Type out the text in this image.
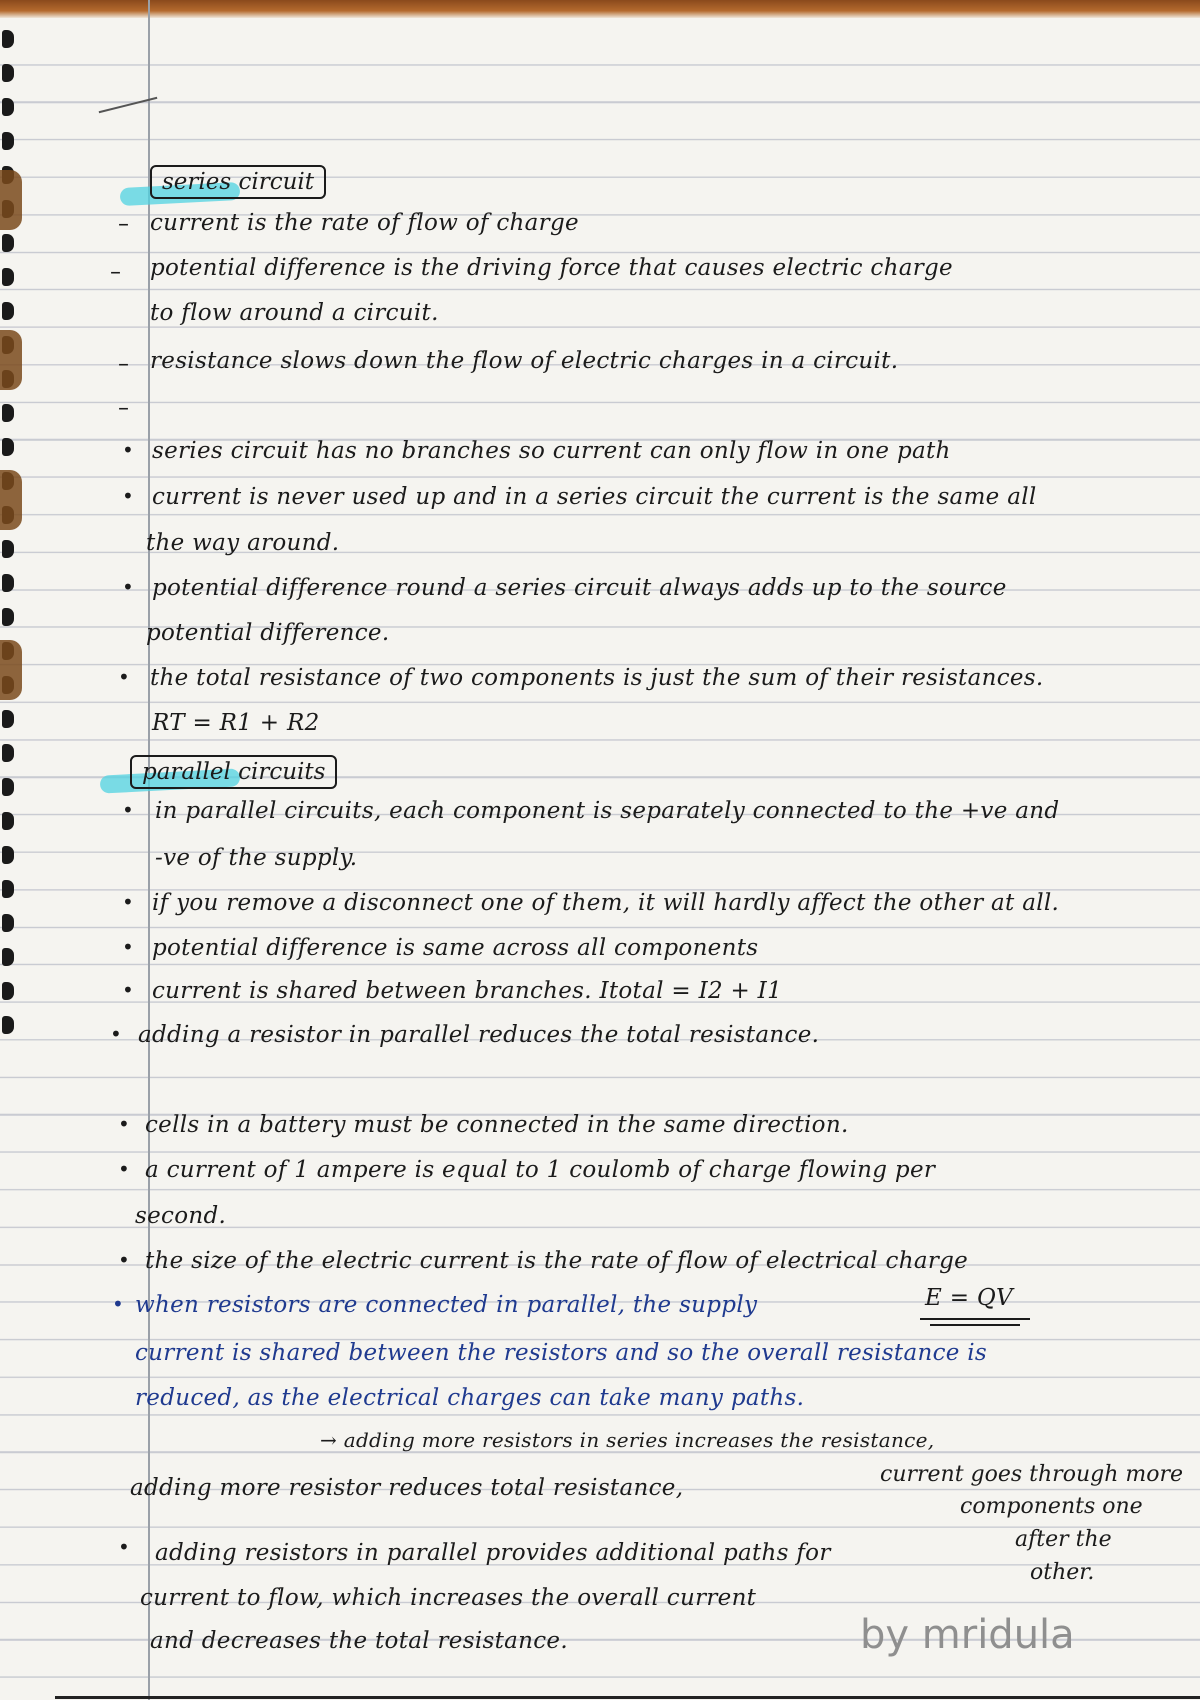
series circuit
– current is the rate of flow of charge
– potential difference is the driving force that causes electric charge
to flow around a circuit.
– resistance slows down the flow of electric charges in a circuit.
–
•
series circuit has no branches so current can only flow in one path
•
current is never used up and in a series circuit the current is the same all
the way around.
•
potential difference round a series circuit always adds up to the source
potential difference.
•
the total resistance of two components is just the sum of their resistances.
RT = R1 + R2
parallel circuits
•
in parallel circuits, each component is separately connected to the +ve and
-ve of the supply.
•
if you remove a disconnect one of them, it will hardly affect the other at all.
•
potential difference is same across all components
•
current is shared between branches. Itotal = I2 + I1
•
adding a resistor in parallel reduces the total resistance.
•
cells in a battery must be connected in the same direction.
•
a current of 1 ampere is equal to 1 coulomb of charge flowing per
second.
•
the size of the electric current is the rate of flow of electrical charge
•
when resistors are connected in parallel, the supply	E = QV
current is shared between the resistors and so the overall resistance is
reduced, as the electrical charges can take many paths.
→ adding more resistors in series increases the resistance,
adding more resistor reduces total resistance,
current goes through more
components one
after the
other.
•
adding resistors in parallel provides additional paths for
current to flow, which increases the overall current
and decreases the total resistance.	by mridula
